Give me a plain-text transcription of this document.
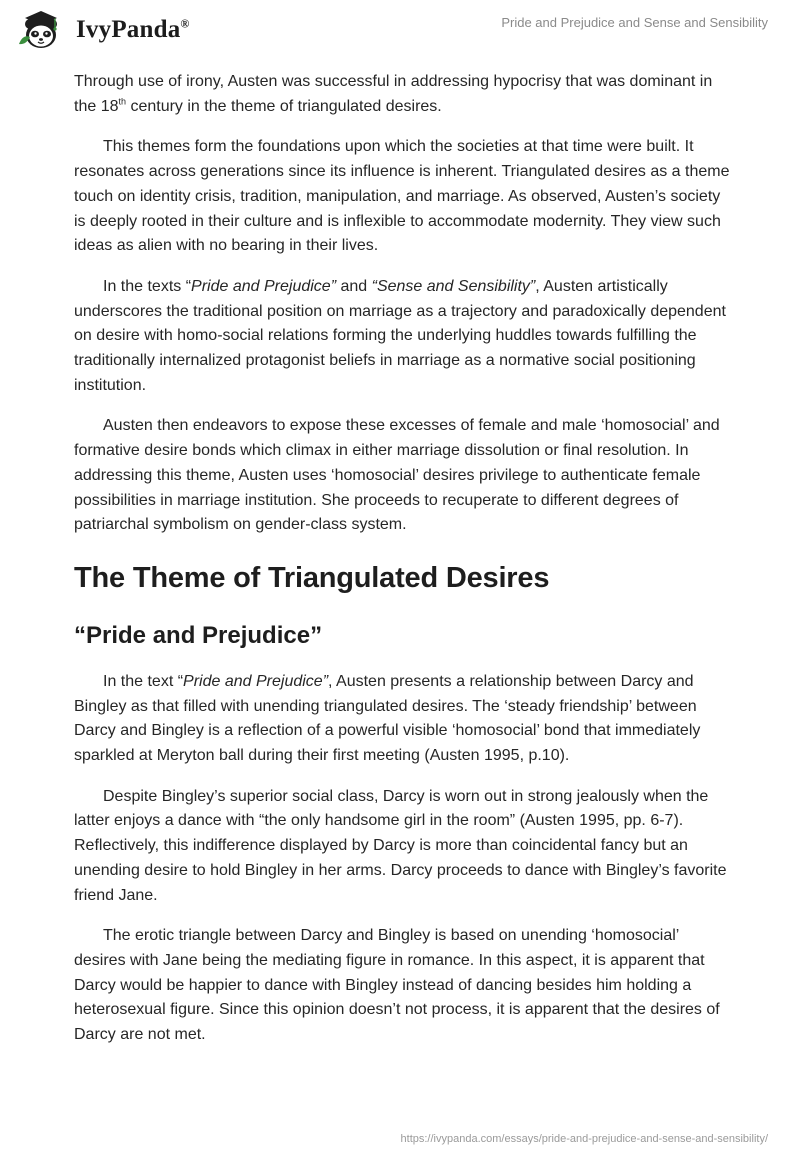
IvyPanda®	Pride and Prejudice and Sense and Sensibility

Through use of irony, Austen was successful in addressing hypocrisy that was dominant in the 18th century in the theme of triangulated desires.

This themes form the foundations upon which the societies at that time were built. It resonates across generations since its influence is inherent. Triangulated desires as a theme touch on identity crisis, tradition, manipulation, and marriage. As observed, Austen’s society is deeply rooted in their culture and is inflexible to accommodate modernity. They view such ideas as alien with no bearing in their lives.

In the texts “Pride and Prejudice” and “Sense and Sensibility”, Austen artistically underscores the traditional position on marriage as a trajectory and paradoxically dependent on desire with homo-social relations forming the underlying huddles towards fulfilling the traditionally internalized protagonist beliefs in marriage as a normative social positioning institution.

Austen then endeavors to expose these excesses of female and male ‘homosocial’ and formative desire bonds which climax in either marriage dissolution or final resolution. In addressing this theme, Austen uses ‘homosocial’ desires privilege to authenticate female possibilities in marriage institution. She proceeds to recuperate to different degrees of patriarchal symbolism on gender-class system.

The Theme of Triangulated Desires
“Pride and Prejudice”

In the text “Pride and Prejudice”, Austen presents a relationship between Darcy and Bingley as that filled with unending triangulated desires. The ‘steady friendship’ between Darcy and Bingley is a reflection of a powerful visible ‘homosocial’ bond that immediately sparkled at Meryton ball during their first meeting (Austen 1995, p.10).

Despite Bingley’s superior social class, Darcy is worn out in strong jealously when the latter enjoys a dance with “the only handsome girl in the room” (Austen 1995, pp. 6-7). Reflectively, this indifference displayed by Darcy is more than coincidental fancy but an unending desire to hold Bingley in her arms. Darcy proceeds to dance with Bingley’s favorite friend Jane.

The erotic triangle between Darcy and Bingley is based on unending ‘homosocial’ desires with Jane being the mediating figure in romance. In this aspect, it is apparent that Darcy would be happier to dance with Bingley instead of dancing besides him holding a heterosexual figure. Since this opinion doesn’t not process, it is apparent that the desires of Darcy are not met.

https://ivypanda.com/essays/pride-and-prejudice-and-sense-and-sensibility/
